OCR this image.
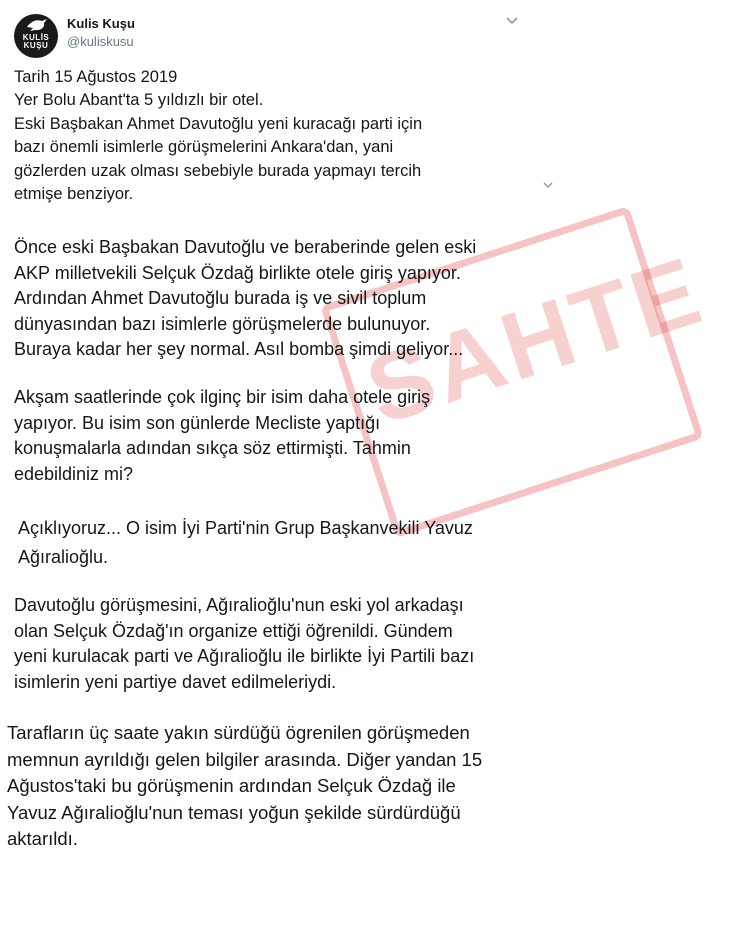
KULİS
KUŞU
Kulis Kuşu
@kuliskusu
Tarih 15 Ağustos 2019
Yer Bolu Abant'ta 5 yıldızlı bir otel.
Eski Başbakan Ahmet Davutoğlu yeni kuracağı parti için
bazı önemli isimlerle görüşmelerini Ankara'dan, yani
gözlerden uzak olması sebebiyle burada yapmayı tercih
etmişe benziyor.
SAHTE
Önce eski Başbakan Davutoğlu ve beraberinde gelen eski
AKP milletvekili Selçuk Özdağ birlikte otele giriş yapıyor.
Ardından Ahmet Davutoğlu burada iş ve sivil toplum
dünyasından bazı isimlerle görüşmelerde bulunuyor.
Buraya kadar her şey normal. Asıl bomba şimdi geliyor...
Akşam saatlerinde çok ilginç bir isim daha otele giriş
yapıyor. Bu isim son günlerde Mecliste yaptığı
konuşmalarla adından sıkça söz ettirmişti. Tahmin
edebildiniz mi?
Açıklıyoruz... O isim İyi Parti'nin Grup Başkanvekili Yavuz
Ağıralioğlu.
Davutoğlu görüşmesini, Ağıralioğlu'nun eski yol arkadaşı
olan Selçuk Özdağ'ın organize ettiği öğrenildi. Gündem
yeni kurulacak parti ve Ağıralioğlu ile birlikte İyi Partili bazı
isimlerin yeni partiye davet edilmeleriydi.
Tarafların üç saate yakın sürdüğü ögrenilen görüşmeden
memnun ayrıldığı gelen bilgiler arasında. Diğer yandan 15
Ağustos'taki bu görüşmenin ardından Selçuk Özdağ ile
Yavuz Ağıralioğlu'nun teması yoğun şekilde sürdürdüğü
aktarıldı.
